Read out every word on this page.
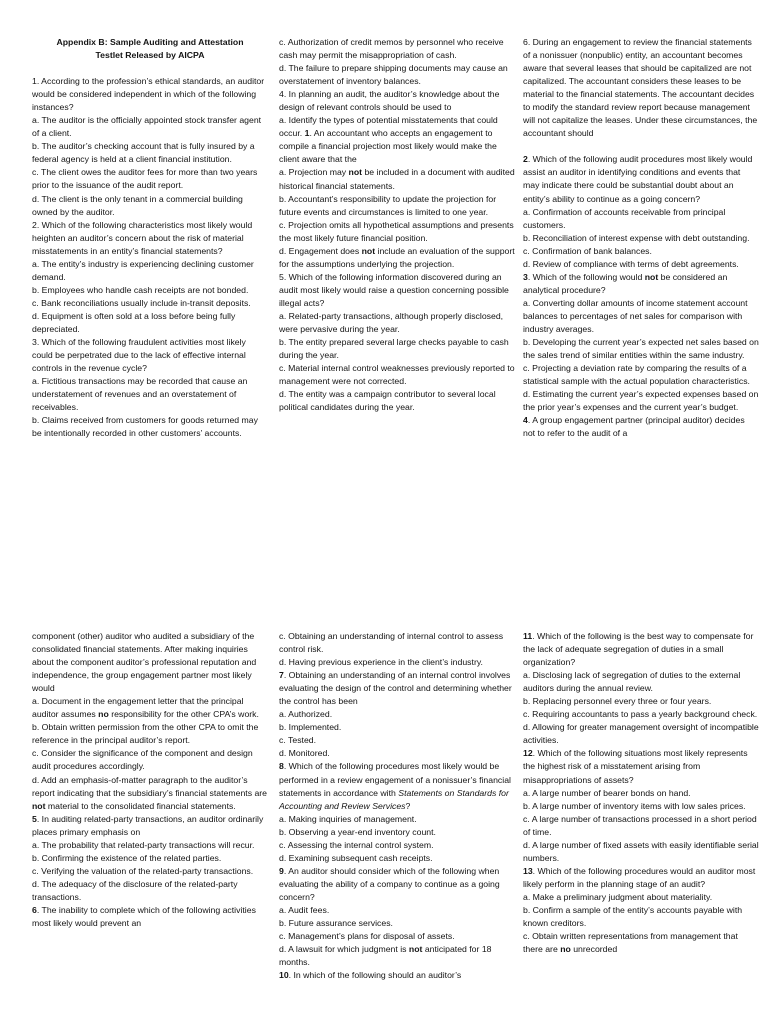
Appendix B: Sample Auditing and Attestation
Testlet Released by AICPA

1. According to the profession’s ethical standards, an auditor would be considered independent in which of the following instances?

a. The auditor is the officially appointed stock transfer agent of a client.

b. The auditor’s checking account that is fully insured by a federal agency is held at a client financial institution.

c. The client owes the auditor fees for more than two years prior to the issuance of the audit report.

d. The client is the only tenant in a commercial building owned by the auditor.

2. Which of the following characteristics most likely would heighten an auditor’s concern about the risk of material misstatements in an entity’s financial statements?

a. The entity’s industry is experiencing declining customer demand.

b. Employees who handle cash receipts are not bonded.

c. Bank reconciliations usually include in-transit deposits.

d. Equipment is often sold at a loss before being fully depreciated.

3. Which of the following fraudulent activities most likely could be perpetrated due to the lack of effective internal controls in the revenue cycle?

a. Fictitious transactions may be recorded that cause an understatement of revenues and an overstatement of receivables.

b. Claims received from customers for goods returned may be intentionally recorded in other customers’ accounts.

c. Authorization of credit memos by personnel who receive cash may permit the misappropriation of cash.

d. The failure to prepare shipping documents may cause an overstatement of inventory balances.

4. In planning an audit, the auditor’s knowledge about the design of relevant controls should be used to

a. Identify the types of potential misstatements that could occur. 1. An accountant who accepts an engagement to compile a financial projection most likely would make the client aware that the

a. Projection may not be included in a document with audited historical financial statements.

b. Accountant’s responsibility to update the projection for future events and circumstances is limited to one year.

c. Projection omits all hypothetical assumptions and presents the most likely future financial position.

d. Engagement does not include an evaluation of the support for the assumptions underlying the projection.

5. Which of the following information discovered during an audit most likely would raise a question concerning possible illegal acts?

a. Related-party transactions, although properly disclosed, were pervasive during the year.

b. The entity prepared several large checks payable to cash during the year.

c. Material internal control weaknesses previously reported to management were not corrected.

d. The entity was a campaign contributor to several local political candidates during the year.

6. During an engagement to review the financial statements of a nonissuer (nonpublic) entity, an accountant becomes aware that several leases that should be capitalized are not capitalized. The accountant considers these leases to be material to the financial statements. The accountant decides to modify the standard review report because management will not capitalize the leases. Under these circumstances, the accountant should

2. Which of the following audit procedures most likely would assist an auditor in identifying conditions and events that may indicate there could be substantial doubt about an entity’s ability to continue as a going concern?

a. Confirmation of accounts receivable from principal customers.

b. Reconciliation of interest expense with debt outstanding.

c. Confirmation of bank balances.

d. Review of compliance with terms of debt agreements.

3. Which of the following would not be considered an analytical procedure?

a. Converting dollar amounts of income statement account balances to percentages of net sales for comparison with industry averages.

b. Developing the current year’s expected net sales based on the sales trend of similar entities within the same industry.

c. Projecting a deviation rate by comparing the results of a statistical sample with the actual population characteristics.

d. Estimating the current year’s expected expenses based on the prior year’s expenses and the current year’s budget.

4. A group engagement partner (principal auditor) decides not to refer to the audit of a

component (other) auditor who audited a subsidiary of the consolidated financial statements. After making inquiries about the component auditor’s professional reputation and independence, the group engagement partner most likely would

a. Document in the engagement letter that the principal auditor assumes no responsibility for the other CPA’s work.

b. Obtain written permission from the other CPA to omit the reference in the principal auditor’s report.

c. Consider the significance of the component and design audit procedures accordingly.

d. Add an emphasis-of-matter paragraph to the auditor’s report indicating that the subsidiary’s financial statements are not material to the consolidated financial statements.

5. In auditing related-party transactions, an auditor ordinarily places primary emphasis on

a. The probability that related-party transactions will recur.

b. Confirming the existence of the related parties.

c. Verifying the valuation of the related-party transactions.

d. The adequacy of the disclosure of the related-party transactions.

6. The inability to complete which of the following activities most likely would prevent an

c. Obtaining an understanding of internal control to assess control risk.

d. Having previous experience in the client’s industry.

7. Obtaining an understanding of an internal control involves evaluating the design of the control and determining whether the control has been

a. Authorized.

b. Implemented.

c. Tested.

d. Monitored.

8. Which of the following procedures most likely would be performed in a review engagement of a nonissuer’s financial statements in accordance with Statements on Standards for Accounting and Review Services?

a. Making inquiries of management.

b. Observing a year-end inventory count.

c. Assessing the internal control system.

d. Examining subsequent cash receipts.

9. An auditor should consider which of the following when evaluating the ability of a company to continue as a going concern?

a. Audit fees.

b. Future assurance services.

c. Management’s plans for disposal of assets.

d. A lawsuit for which judgment is not anticipated for 18 months.

10. In which of the following should an auditor’s

11. Which of the following is the best way to compensate for the lack of adequate segregation of duties in a small organization?

a. Disclosing lack of segregation of duties to the external auditors during the annual review.

b. Replacing personnel every three or four years.

c. Requiring accountants to pass a yearly background check.

d. Allowing for greater management oversight of incompatible activities.

12. Which of the following situations most likely represents the highest risk of a misstatement arising from misappropriations of assets?

a. A large number of bearer bonds on hand.

b. A large number of inventory items with low sales prices.

c. A large number of transactions processed in a short period of time.

d. A large number of fixed assets with easily identifiable serial numbers.

13. Which of the following procedures would an auditor most likely perform in the planning stage of an audit?

a. Make a preliminary judgment about materiality.

b. Confirm a sample of the entity’s accounts payable with known creditors.

c. Obtain written representations from management that there are no unrecorded
